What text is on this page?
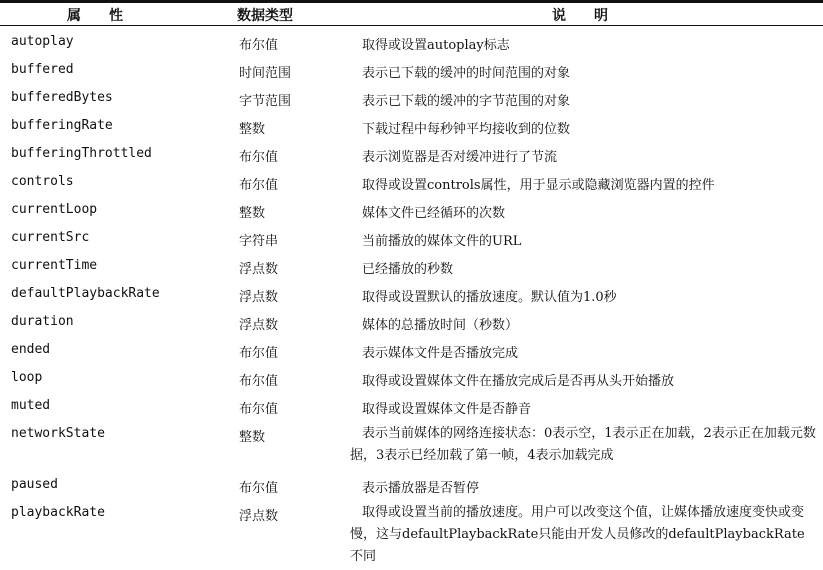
属　　性	数据类型	说　　明
autoplay	布尔值	取得或设置autoplay标志
buffered	时间范围	表示已下载的缓冲的时间范围的对象
bufferedBytes	字节范围	表示已下载的缓冲的字节范围的对象
bufferingRate	整数	下载过程中每秒钟平均接收到的位数
bufferingThrottled	布尔值	表示浏览器是否对缓冲进行了节流
controls	布尔值	取得或设置controls属性，用于显示或隐藏浏览器内置的控件
currentLoop	整数	媒体文件已经循环的次数
currentSrc	字符串	当前播放的媒体文件的URL
currentTime	浮点数	已经播放的秒数
defaultPlaybackRate	浮点数	取得或设置默认的播放速度。默认值为1.0秒
duration	浮点数	媒体的总播放时间（秒数）
ended	布尔值	表示媒体文件是否播放完成
loop	布尔值	取得或设置媒体文件在播放完成后是否再从头开始播放
muted	布尔值	取得或设置媒体文件是否静音
networkState	整数	表示当前媒体的网络连接状态：0表示空，1表示正在加载，2表示正在加载元数据，3表示已经加载了第一帧，4表示加载完成
paused	布尔值	表示播放器是否暂停
playbackRate	浮点数	取得或设置当前的播放速度。用户可以改变这个值，让媒体播放速度变快或变慢，这与defaultPlaybackRate只能由开发人员修改的defaultPlaybackRate不同
